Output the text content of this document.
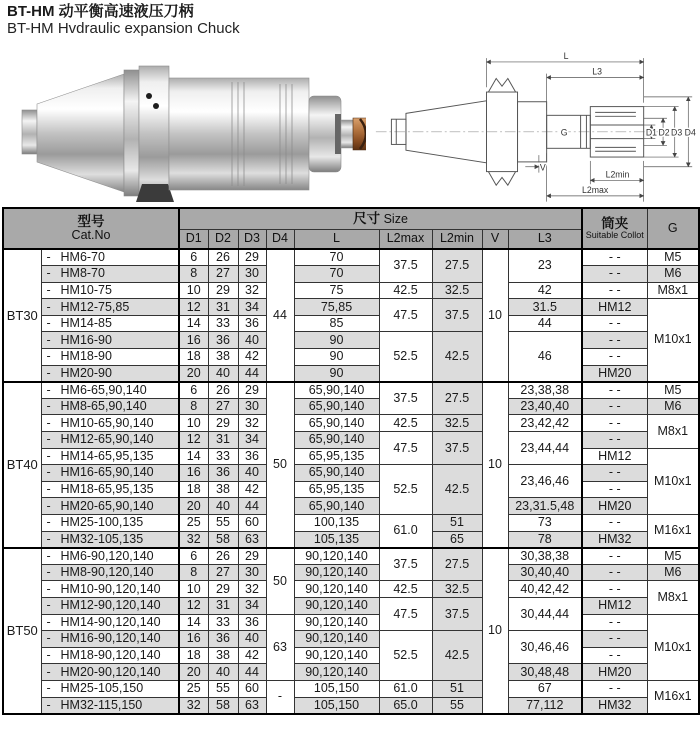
BT-HM 动平衡高速液压刀柄
BT-HM Hvdraulic expansion Chuck
L
L3
G	D1 D2 D3 D4
V
L2min
L2max
型号
Cat.No
	尺寸 Size	筒夹
Suitable Collot
	G
		D1	D2	D3	D4	L	L2max	L2min	V	L3		
BT30	- HM6-70	6	26	29	44	70	37.5	27.5	10	23	- -	M5
	- HM8-70	8	27	30		70					- -	M6
	- HM10-75	10	29	32		75	42.5	32.5		42	- -	M8x1
	- HM12-75,85	12	31	34		75,85	47.5	37.5		31.5	HM12	M10x1
	- HM14-85	14	33	36		85				44	- -	
	- HM16-90	16	36	40		90	52.5	42.5		46	- -	
	- HM18-90	18	38	42		90					- -	
	- HM20-90	20	40	44		90					HM20	
BT40	- HM6-65,90,140	6	26	29	50	65,90,140	37.5	27.5	10	23,38,38	- -	M5
	- HM8-65,90,140	8	27	30		65,90,140				23,40,40	- -	M6
	- HM10-65,90,140	10	29	32		65,90,140	42.5	32.5		23,42,42	- -	M8x1
	- HM12-65,90,140	12	31	34		65,90,140	47.5	37.5		23,44,44	- -	
	- HM14-65,95,135	14	33	36		65,95,135					HM12	M10x1
	- HM16-65,90,140	16	36	40		65,90,140	52.5	42.5		23,46,46	- -	
	- HM18-65,95,135	18	38	42		65,95,135					- -	
	- HM20-65,90,140	20	40	44		65,90,140				23,31.5,48	HM20	
	- HM25-100,135	25	55	60		100,135	61.0	51		73	- -	M16x1
	- HM32-105,135	32	58	63		105,135		65		78	HM32	
BT50	- HM6-90,120,140	6	26	29	50	90,120,140	37.5	27.5	10	30,38,38	- -	M5
	- HM8-90,120,140	8	27	30		90,120,140				30,40,40	- -	M6
	- HM10-90,120,140	10	29	32		90,120,140	42.5	32.5		40,42,42	- -	M8x1
	- HM12-90,120,140	12	31	34		90,120,140	47.5	37.5		30,44,44	HM12	
	- HM14-90,120,140	14	33	36	63	90,120,140					- -	M10x1
	- HM16-90,120,140	16	36	40		90,120,140	52.5	42.5		30,46,46	- -	
	- HM18-90,120,140	18	38	42		90,120,140					- -	
	- HM20-90,120,140	20	40	44		90,120,140				30,48,48	HM20	
	- HM25-105,150	25	55	60	-	105,150	61.0	51		67	- -	M16x1
	- HM32-115,150	32	58	63		105,150	65.0	55		77,112	HM32	
